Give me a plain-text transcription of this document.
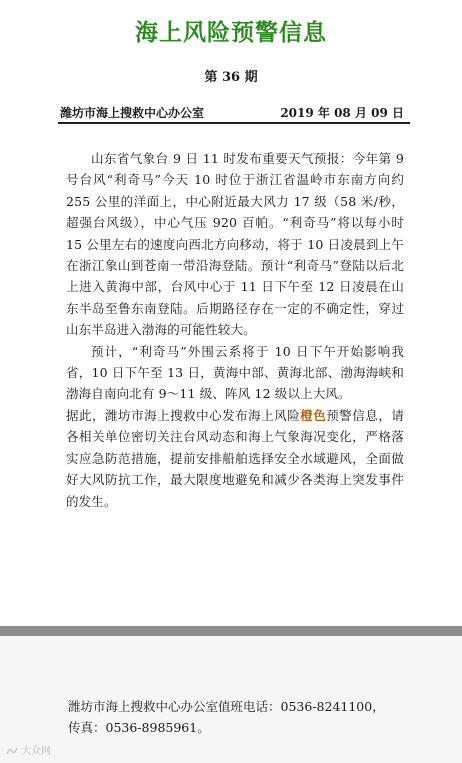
海上风险预警信息
第 36 期
潍坊市海上搜救中心办公室	2019 年 08 月 09 日

山东省气象台 9 日 11 时发布重要天气预报：今年第 9 号台风“利奇马”今天 10 时位于浙江省温岭市东南方向约 255 公里的洋面上，中心附近最大风力 17 级（58 米/秒，超强台风级），中心气压 920 百帕。“利奇马”将以每小时 15 公里左右的速度向西北方向移动，将于 10 日凌晨到上午在浙江象山到苍南一带沿海登陆。预计“利奇马”登陆以后北上进入黄海中部，台风中心于 11 日下午至 12 日凌晨在山东半岛至鲁东南登陆。后期路径存在一定的不确定性，穿过山东半岛进入渤海的可能性较大。

预计，“利奇马”外围云系将于 10 日下午开始影响我省，10 日下午至 13 日，黄海中部、黄海北部、渤海海峡和渤海自南向北有 9～11 级、阵风 12 级以上大风。

据此，潍坊市海上搜救中心发布海上风险橙色预警信息，请各相关单位密切关注台风动态和海上气象海况变化，严格落实应急防范措施，提前安排船舶选择安全水域避风，全面做好大风防抗工作，最大限度地避免和减少各类海上突发事件的发生。

潍坊市海上搜救中心办公室值班电话：0536-8241100，
传真：0536-8985961。
大众网
